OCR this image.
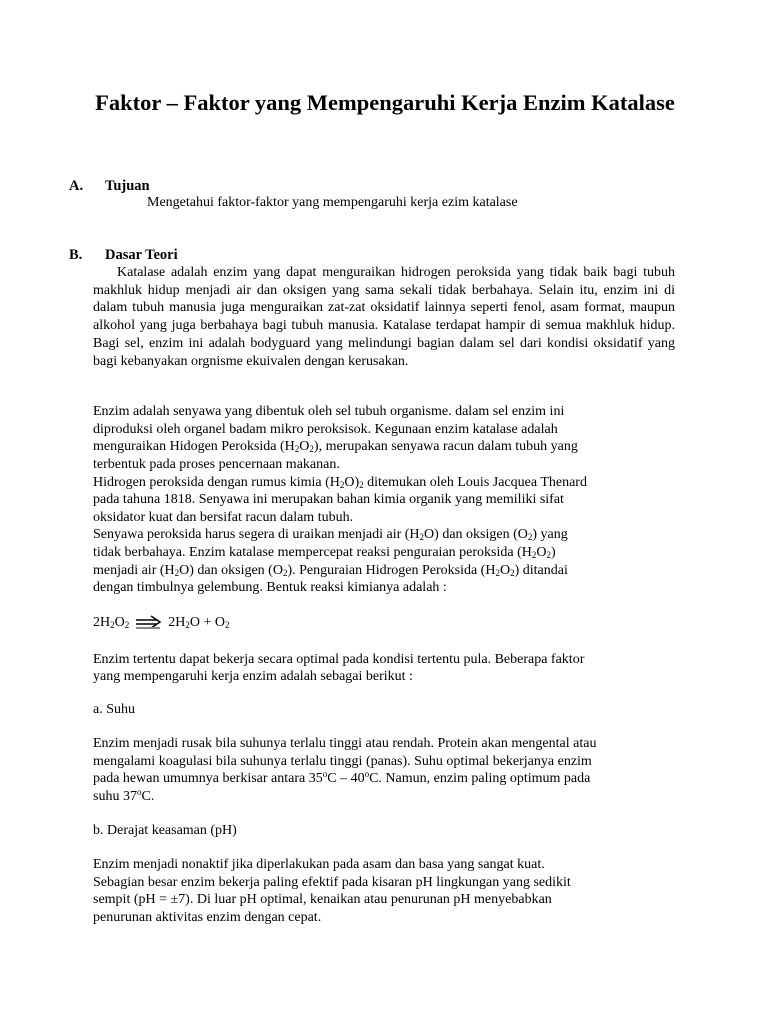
Faktor – Faktor yang Mempengaruhi Kerja Enzim Katalase
A. Tujuan
Mengetahui faktor-faktor yang mempengaruhi kerja ezim katalase
B. Dasar Teori

Katalase adalah enzim yang dapat menguraikan hidrogen peroksida yang tidak baik bagi tubuh makhluk hidup menjadi air dan oksigen yang sama sekali tidak berbahaya. Selain itu, enzim ini di dalam tubuh manusia juga menguraikan zat-zat oksidatif lainnya seperti fenol, asam format, maupun alkohol yang juga berbahaya bagi tubuh manusia. Katalase terdapat hampir di semua makhluk hidup. Bagi sel, enzim ini adalah bodyguard yang melindungi bagian dalam sel dari kondisi oksidatif yang bagi kebanyakan orgnisme ekuivalen dengan kerusakan.

Enzim adalah senyawa yang dibentuk oleh sel tubuh organisme. dalam sel enzim ini
diproduksi oleh organel badam mikro peroksisok. Kegunaan enzim katalase adalah
menguraikan Hidogen Peroksida $(H_2O_2)$, merupakan senyawa racun dalam tubuh yang
terbentuk pada proses pencernaan makanan.
Hidrogen peroksida dengan rumus kimia $(H_2O)_2$ ditemukan oleh Louis Jacquea Thenard
pada tahuna 1818. Senyawa ini merupakan bahan kimia organik yang memiliki sifat
oksidator kuat dan bersifat racun dalam tubuh.
Senyawa peroksida harus segera di uraikan menjadi air $(H_2O)$ dan oksigen $(O_2)$ yang
tidak berbahaya. Enzim katalase mempercepat reaksi penguraian peroksida $(H_2O_2)$
menjadi air $(H_2O)$ dan oksigen $(O_2)$. Penguraian Hidrogen Peroksida $(H_2O_2)$ ditandai
dengan timbulnya gelembung. Bentuk reaksi kimianya adalah :
$2H_2O_2$	$2H_2O + O_2$
Enzim tertentu dapat bekerja secara optimal pada kondisi tertentu pula. Beberapa faktor
yang mempengaruhi kerja enzim adalah sebagai berikut :
a. Suhu
Enzim menjadi rusak bila suhunya terlalu tinggi atau rendah. Protein akan mengental atau
mengalami koagulasi bila suhunya terlalu tinggi (panas). Suhu optimal bekerjanya enzim
pada hewan umumnya berkisar antara 35$^o$C – 40$^o$C. Namun, enzim paling optimum pada
suhu 37$^o$C.
b. Derajat keasaman (pH)
Enzim menjadi nonaktif jika diperlakukan pada asam dan basa yang sangat kuat.
Sebagian besar enzim bekerja paling efektif pada kisaran pH lingkungan yang sedikit
sempit (pH = ±7). Di luar pH optimal, kenaikan atau penurunan pH menyebabkan
penurunan aktivitas enzim dengan cepat.
